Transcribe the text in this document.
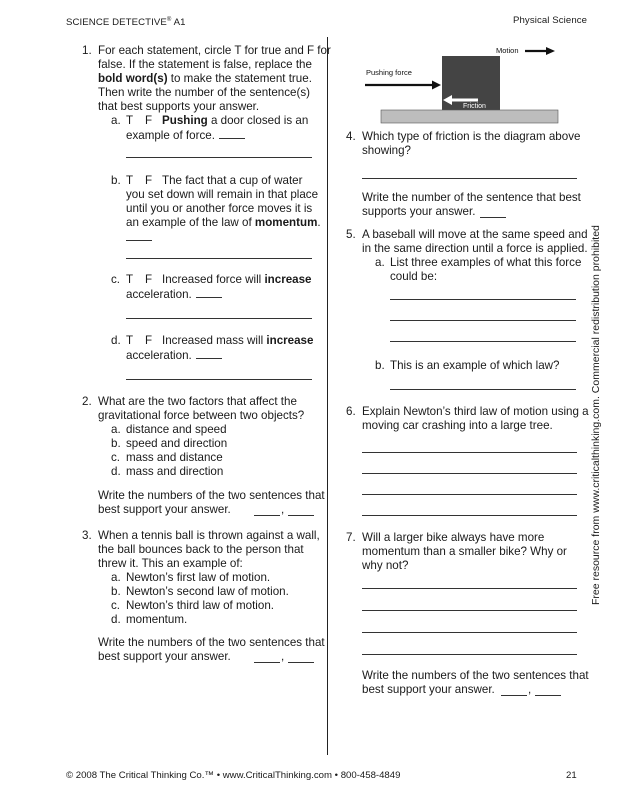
SCIENCE DETECTIVE® A1	Physical Science
Free resource from www.criticalthinking.com. Commercial redistribution prohibited
1. For each statement, circle T for true and F for
false. If the statement is false, replace the
bold word(s) to make the statement true.
Then write the number of the sentence(s)
that best supports your answer.
a. T F Pushing a door closed is an
example of force.
b. T F The fact that a cup of water
you set down will remain in that place
until you or another force moves it is
an example of the law of momentum.
c. T F Increased force will increase
acceleration.
d. T F Increased mass will increase
acceleration.
2. What are the two factors that affect the
gravitational force between two objects?
a. distance and speed
b. speed and direction
c. mass and distance
d. mass and direction
Write the numbers of the two sentences that
best support your answer.	,
3. When a tennis ball is thrown against a wall,
the ball bounces back to the person that
threw it. This an example of:
a. Newton’s first law of motion.
b. Newton’s second law of motion.
c. Newton’s third law of motion.
d. momentum.
Write the numbers of the two sentences that
best support your answer.	,
Motion
Pushing force
Friction
4. Which type of friction is the diagram above
showing?
Write the number of the sentence that best
supports your answer.
5. A baseball will move at the same speed and
in the same direction until a force is applied.
a. List three examples of what this force
could be:
b. This is an example of which law?
6. Explain Newton’s third law of motion using a
moving car crashing into a large tree.
7. Will a larger bike always have more
momentum than a smaller bike? Why or
why not?
Write the numbers of the two sentences that
best support your answer.	,
© 2008 The Critical Thinking Co.™ • www.CriticalThinking.com • 800-458-4849	21
